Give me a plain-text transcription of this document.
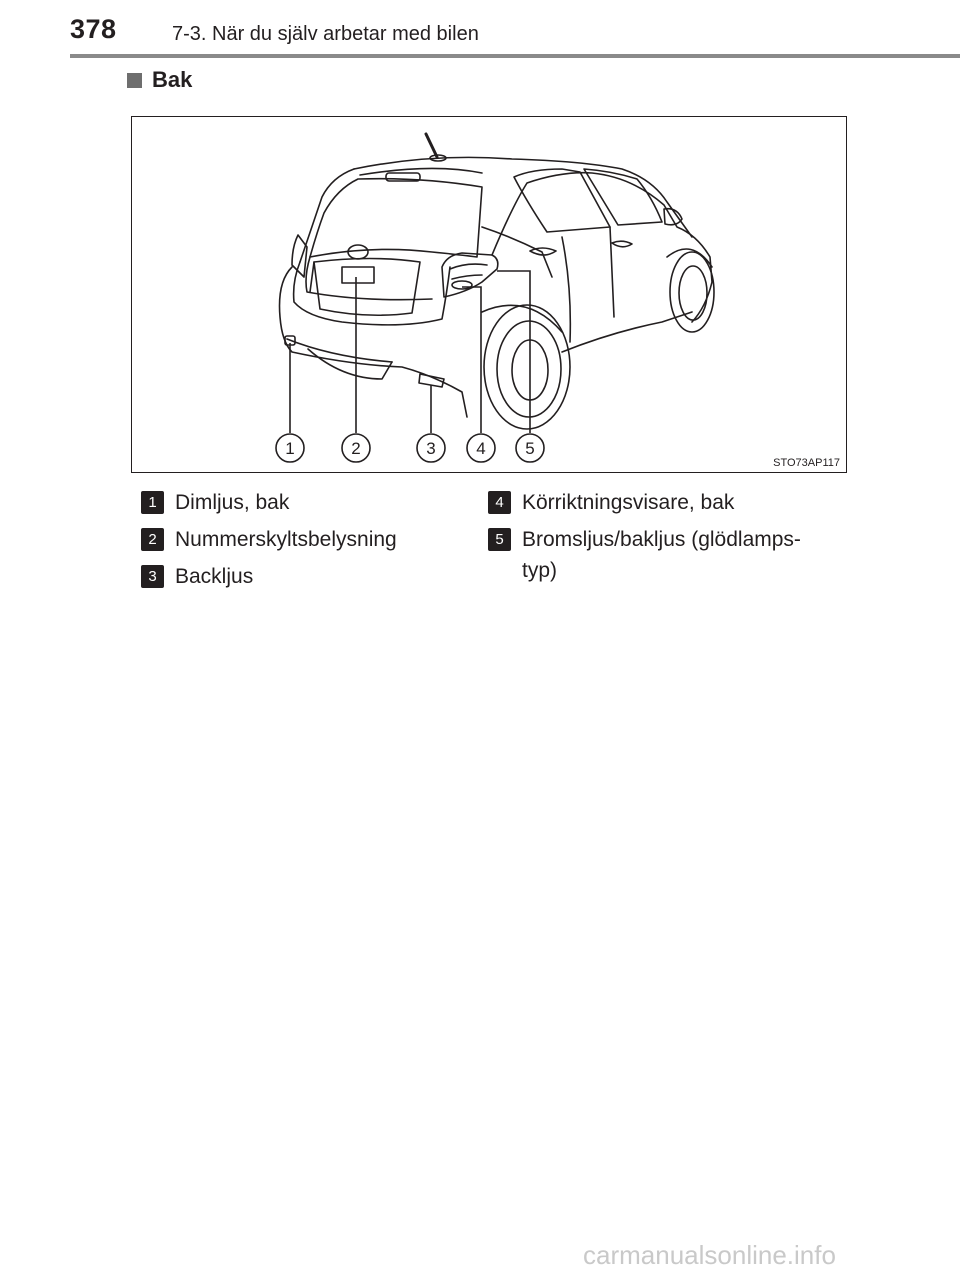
378	7-3. När du själv arbetar med bilen
Bak
1	2	3 4 5
STO73AP117
1 Dimljus, bak
2 Nummerskyltsbelysning
3 Backljus
4 Körriktningsvisare, bak
5 Bromsljus/bakljus (glödlamps-typ)
carmanualsonline.info
